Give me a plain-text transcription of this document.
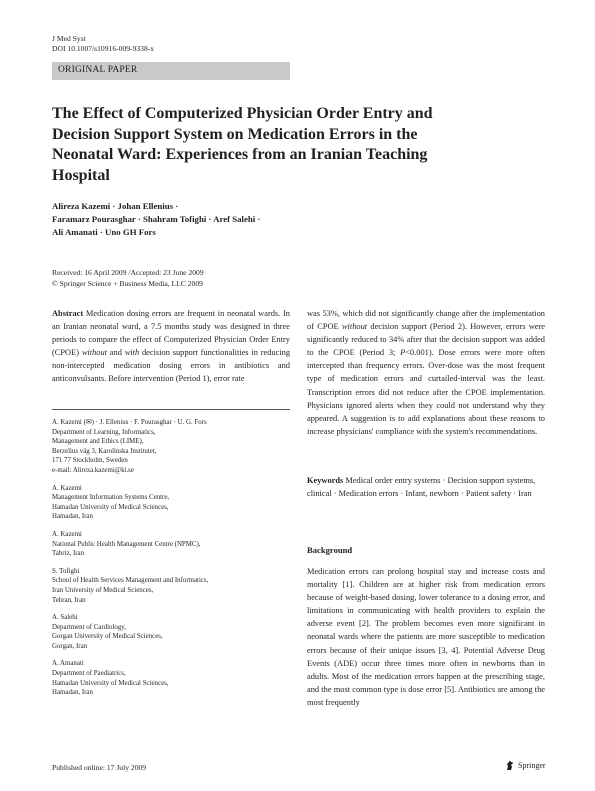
J Med Syst
DOI 10.1007/s10916-009-9338-x
ORIGINAL PAPER
The Effect of Computerized Physician Order Entry and Decision Support System on Medication Errors in the Neonatal Ward: Experiences from an Iranian Teaching Hospital
Alireza Kazemi · Johan Ellenius ·
Faramarz Pourasghar · Shahram Tofighi · Aref Salehi ·
Ali Amanati · Uno GH Fors
Received: 16 April 2009 /Accepted: 23 June 2009
© Springer Science + Business Media, LLC 2009
Abstract Medication dosing errors are frequent in neonatal wards. In an Iranian neonatal ward, a 7.5 months study was designed in three periods to compare the effect of Computerized Physician Order Entry (CPOE) without and with decision support functionalities in reducing non-intercepted medication dosing errors in antibiotics and anticonvulsants. Before intervention (Period 1), error rate
A. Kazemi (✉) · J. Ellenius · F. Pourasghar · U. G. Fors
Department of Learning, Informatics,
Management and Ethics (LIME),
Berzelius väg 3, Karolinska Institutet,
171 77 Stockholm, Sweden
e-mail: Alireza.kazemi@ki.se
A. Kazemi
Management Information Systems Centre,
Hamadan University of Medical Sciences,
Hamadan, Iran
A. Kazemi
National Public Health Management Centre (NPMC),
Tabriz, Iran
S. Tofighi
School of Health Services Management and Informatics,
Iran University of Medical Sciences,
Tehran, Iran
A. Salehi
Department of Cardiology,
Gorgan University of Medical Sciences,
Gorgan, Iran
A. Amanati
Department of Paediatrics,
Hamadan University of Medical Sciences,
Hamadan, Iran
was 53%, which did not significantly change after the implementation of CPOE without decision support (Period 2). However, errors were significantly reduced to 34% after that the decision support was added to the CPOE (Period 3; P<0.001). Dose errors were more often intercepted than frequency errors. Over-dose was the most frequent type of medication errors and curtailed-interval was the least. Transcription errors did not reduce after the CPOE implementation. Physicians ignored alerts when they could not understand why they appeared. A suggestion is to add explanations about these reasons to increase physicians' compliance with the system's recommendations.
Keywords Medical order entry systems · Decision support systems, clinical · Medication errors · Infant, newborn · Patient safety · Iran
Background
Medication errors can prolong hospital stay and increase costs and mortality [1]. Children are at higher risk from medication errors because of weight-based dosing, lower tolerance to a dosing error, and limitations in communicating with health providers to explain the adverse event [2]. The problem becomes even more significant in neonatal wards where the patients are more susceptible to medication errors because of their unique issues [3, 4]. Potential Adverse Drug Events (ADE) occur three times more often in newborns than in adults. Most of the medication errors happen at the prescribing stage, and the most common type is dose error [5]. Antibiotics are among the most frequently
Published online: 17 July 2009	Springer
